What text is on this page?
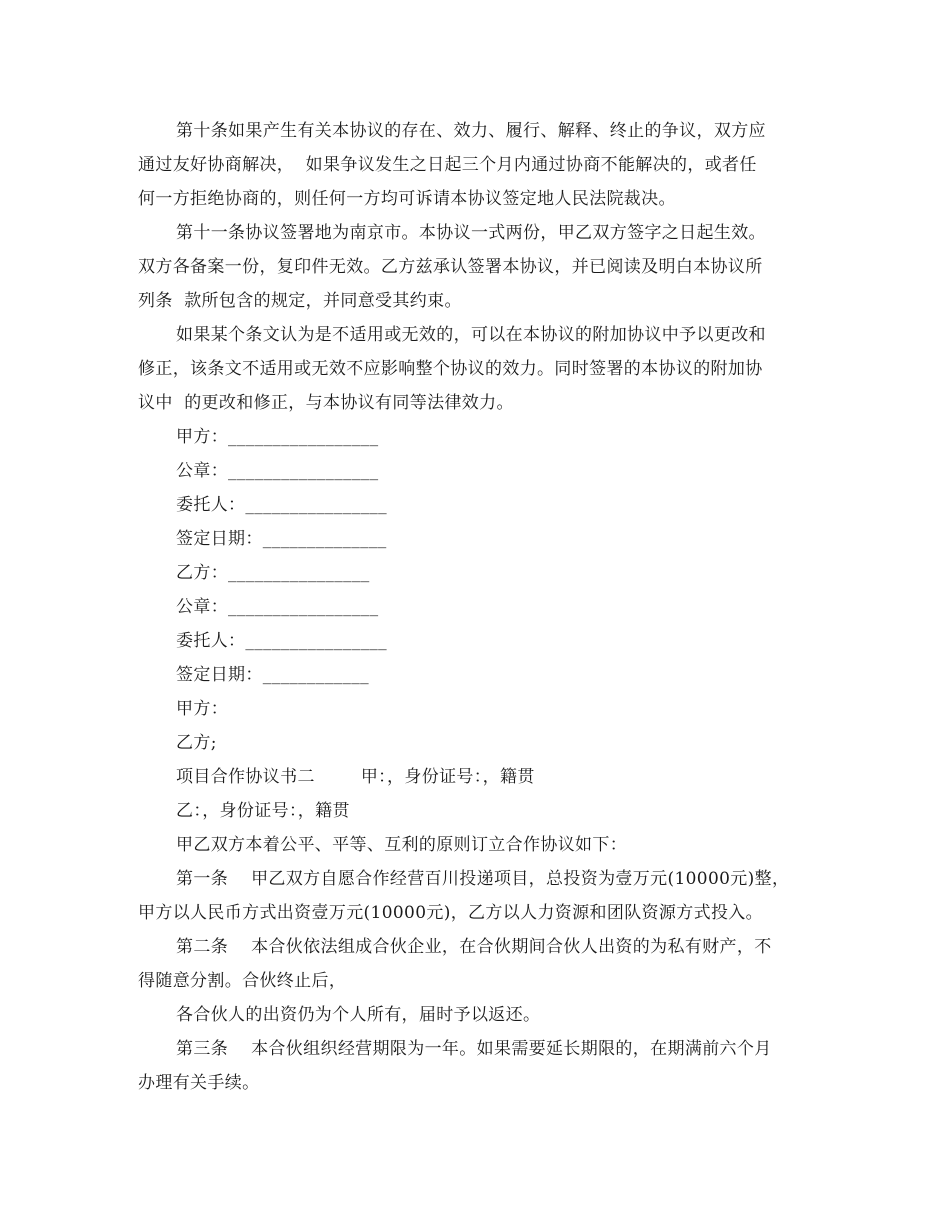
第十条如果产生有关本协议的存在、效力、履行、解释、终止的争议，双方应
通过友好协商解决，  如果争议发生之日起三个月内通过协商不能解决的，或者任
何一方拒绝协商的，则任何一方均可诉请本协议签定地人民法院裁决。
第十一条协议签署地为南京市。本协议一式两份，甲乙双方签字之日起生效。
双方各备案一份，复印件无效。乙方兹承认签署本协议，并已阅读及明白本协议所
列条  款所包含的规定，并同意受其约束。
如果某个条文认为是不适用或无效的，可以在本协议的附加协议中予以更改和
修正，该条文不适用或无效不应影响整个协议的效力。同时签署的本协议的附加协
议中  的更改和修正，与本协议有同等法律效力。
甲方：_________________
公章：_________________
委托人：________________
签定日期：______________
乙方：________________
公章：_________________
委托人：________________
签定日期：____________
甲方：
乙方;
项目合作协议书二        甲：，身份证号：，籍贯
乙：，身份证号：，籍贯
甲乙双方本着公平、平等、互利的原则订立合作协议如下：
第一条    甲乙双方自愿合作经营百川投递项目，总投资为壹万元(10000元)整，
甲方以人民币方式出资壹万元(10000元)，乙方以人力资源和团队资源方式投入。
第二条    本合伙依法组成合伙企业，在合伙期间合伙人出资的为私有财产，不
得随意分割。合伙终止后，
各合伙人的出资仍为个人所有，届时予以返还。
第三条    本合伙组织经营期限为一年。如果需要延长期限的，在期满前六个月
办理有关手续。
